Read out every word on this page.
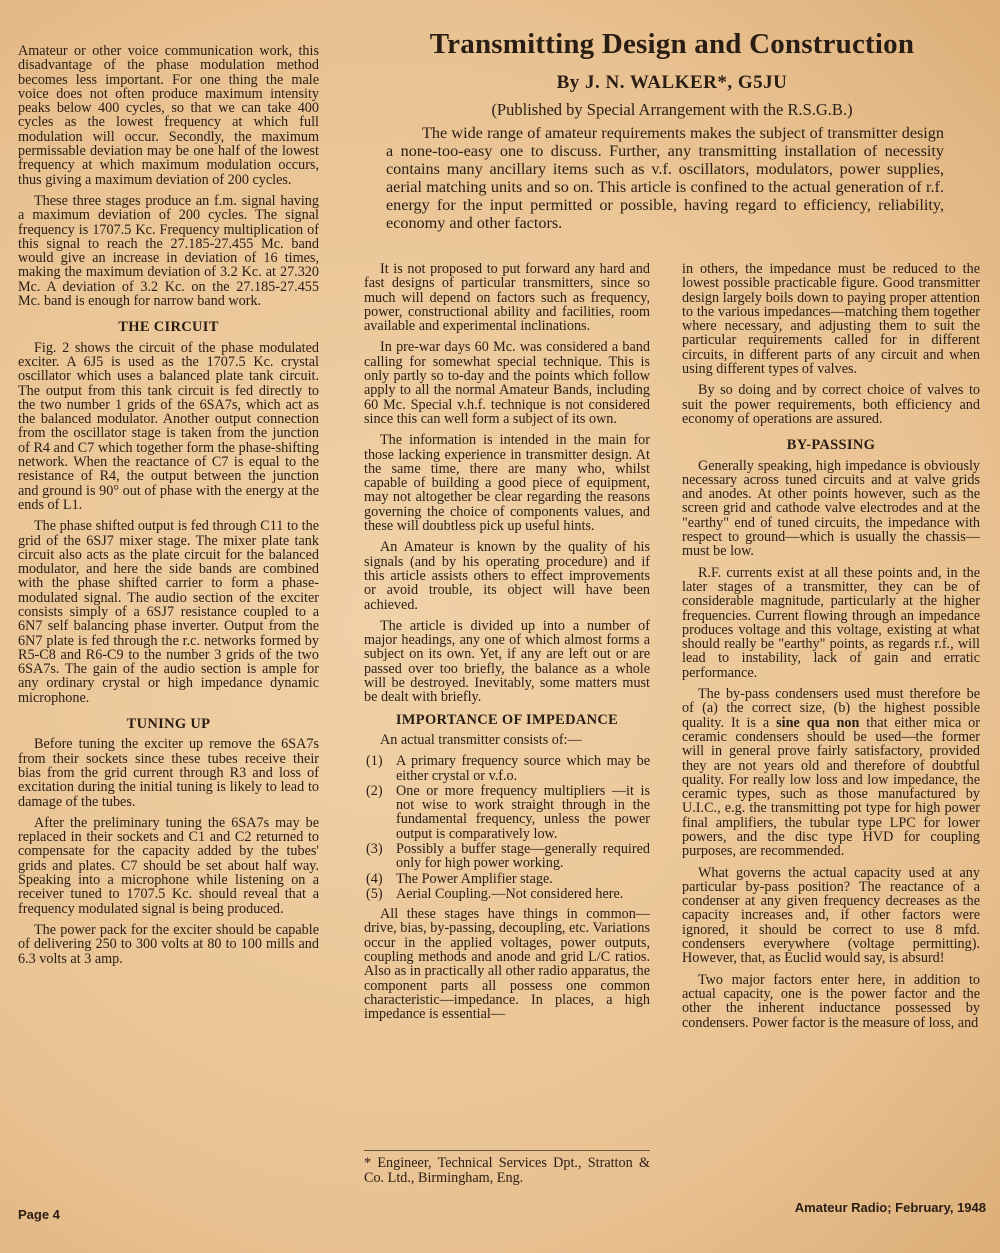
Amateur or other voice communication work, this disadvantage of the phase modulation method becomes less important. For one thing the male voice does not often produce maximum intensity peaks below 400 cycles, so that we can take 400 cycles as the lowest frequency at which full modulation will occur. Secondly, the maximum permissable deviation may be one half of the lowest frequency at which maximum modulation occurs, thus giving a maximum deviation of 200 cycles.

These three stages produce an f.m. signal having a maximum deviation of 200 cycles. The signal frequency is 1707.5 Kc. Frequency multiplication of this signal to reach the 27.185-27.455 Mc. band would give an increase in deviation of 16 times, making the maximum deviation of 3.2 Kc. at 27.320 Mc. A deviation of 3.2 Kc. on the 27.185-27.455 Mc. band is enough for narrow band work.

THE CIRCUIT

Fig. 2 shows the circuit of the phase modulated exciter. A 6J5 is used as the 1707.5 Kc. crystal oscillator which uses a balanced plate tank circuit. The output from this tank circuit is fed directly to the two number 1 grids of the 6SA7s, which act as the balanced modulator. Another output connection from the oscillator stage is taken from the junction of R4 and C7 which together form the phase-shifting network. When the reactance of C7 is equal to the resistance of R4, the output between the junction and ground is 90° out of phase with the energy at the ends of L1.

The phase shifted output is fed through C11 to the grid of the 6SJ7 mixer stage. The mixer plate tank circuit also acts as the plate circuit for the balanced modulator, and here the side bands are combined with the phase shifted carrier to form a phase-modulated signal. The audio section of the exciter consists simply of a 6SJ7 resistance coupled to a 6N7 self balancing phase inverter. Output from the 6N7 plate is fed through the r.c. networks formed by R5-C8 and R6-C9 to the number 3 grids of the two 6SA7s. The gain of the audio section is ample for any ordinary crystal or high impedance dynamic microphone.

TUNING UP

Before tuning the exciter up remove the 6SA7s from their sockets since these tubes receive their bias from the grid current through R3 and loss of excitation during the initial tuning is likely to lead to damage of the tubes.

After the preliminary tuning the 6SA7s may be replaced in their sockets and C1 and C2 returned to compensate for the capacity added by the tubes' grids and plates. C7 should be set about half way. Speaking into a microphone while listening on a receiver tuned to 1707.5 Kc. should reveal that a frequency modulated signal is being produced.

The power pack for the exciter should be capable of delivering 250 to 300 volts at 80 to 100 mills and 6.3 volts at 3 amp.

Transmitting Design and Construction
By J. N. WALKER*, G5JU
(Published by Special Arrangement with the R.S.G.B.)

The wide range of amateur requirements makes the subject of transmitter design a none-too-easy one to discuss. Further, any transmitting installation of necessity contains many ancillary items such as v.f. oscillators, modulators, power supplies, aerial matching units and so on. This article is confined to the actual generation of r.f. energy for the input permitted or possible, having regard to efficiency, reliability, economy and other factors.

It is not proposed to put forward any hard and fast designs of particular transmitters, since so much will depend on factors such as frequency, power, constructional ability and facilities, room available and experimental inclinations.

In pre-war days 60 Mc. was considered a band calling for somewhat special technique. This is only partly so to-day and the points which follow apply to all the normal Amateur Bands, including 60 Mc. Special v.h.f. technique is not considered since this can well form a subject of its own.

The information is intended in the main for those lacking experience in transmitter design. At the same time, there are many who, whilst capable of building a good piece of equipment, may not altogether be clear regarding the reasons governing the choice of components values, and these will doubtless pick up useful hints.

An Amateur is known by the quality of his signals (and by his operating procedure) and if this article assists others to effect improvements or avoid trouble, its object will have been achieved.

The article is divided up into a number of major headings, any one of which almost forms a subject on its own. Yet, if any are left out or are passed over too briefly, the balance as a whole will be destroyed. Inevitably, some matters must be dealt with briefly.

IMPORTANCE OF IMPEDANCE

An actual transmitter consists of:—

(1) A primary frequency source which may be either crystal or v.f.o.
(2) One or more frequency multipliers —it is not wise to work straight through in the fundamental frequency, unless the power output is comparatively low.
(3) Possibly a buffer stage—generally required only for high power working.
(4) The Power Amplifier stage.
(5) Aerial Coupling.—Not considered here.

All these stages have things in common—drive, bias, by-passing, decoupling, etc. Variations occur in the applied voltages, power outputs, coupling methods and anode and grid L/C ratios. Also as in practically all other radio apparatus, the component parts all possess one common characteristic—impedance. In places, a high impedance is essential—

* Engineer, Technical Services Dpt., Stratton & Co. Ltd., Birmingham, Eng.

in others, the impedance must be reduced to the lowest possible practicable figure. Good transmitter design largely boils down to paying proper attention to the various impedances—matching them together where necessary, and adjusting them to suit the particular requirements called for in different circuits, in different parts of any circuit and when using different types of valves.

By so doing and by correct choice of valves to suit the power requirements, both efficiency and economy of operations are assured.

BY-PASSING

Generally speaking, high impedance is obviously necessary across tuned circuits and at valve grids and anodes. At other points however, such as the screen grid and cathode valve electrodes and at the "earthy" end of tuned circuits, the impedance with respect to ground—which is usually the chassis—must be low.

R.F. currents exist at all these points and, in the later stages of a transmitter, they can be of considerable magnitude, particularly at the higher frequencies. Current flowing through an impedance produces voltage and this voltage, existing at what should really be "earthy" points, as regards r.f., will lead to instability, lack of gain and erratic performance.

The by-pass condensers used must therefore be of (a) the correct size, (b) the highest possible quality. It is a sine qua non that either mica or ceramic condensers should be used—the former will in general prove fairly satisfactory, provided they are not years old and therefore of doubtful quality. For really low loss and low impedance, the ceramic types, such as those manufactured by U.I.C., e.g. the transmitting pot type for high power final amplifiers, the tubular type LPC for lower powers, and the disc type HVD for coupling purposes, are recommended.

What governs the actual capacity used at any particular by-pass position? The reactance of a condenser at any given frequency decreases as the capacity increases and, if other factors were ignored, it should be correct to use 8 mfd. condensers everywhere (voltage permitting). However, that, as Euclid would say, is absurd!

Two major factors enter here, in addition to actual capacity, one is the power factor and the other the inherent inductance possessed by condensers. Power factor is the measure of loss, and

Page 4	Amateur Radio; February, 1948
